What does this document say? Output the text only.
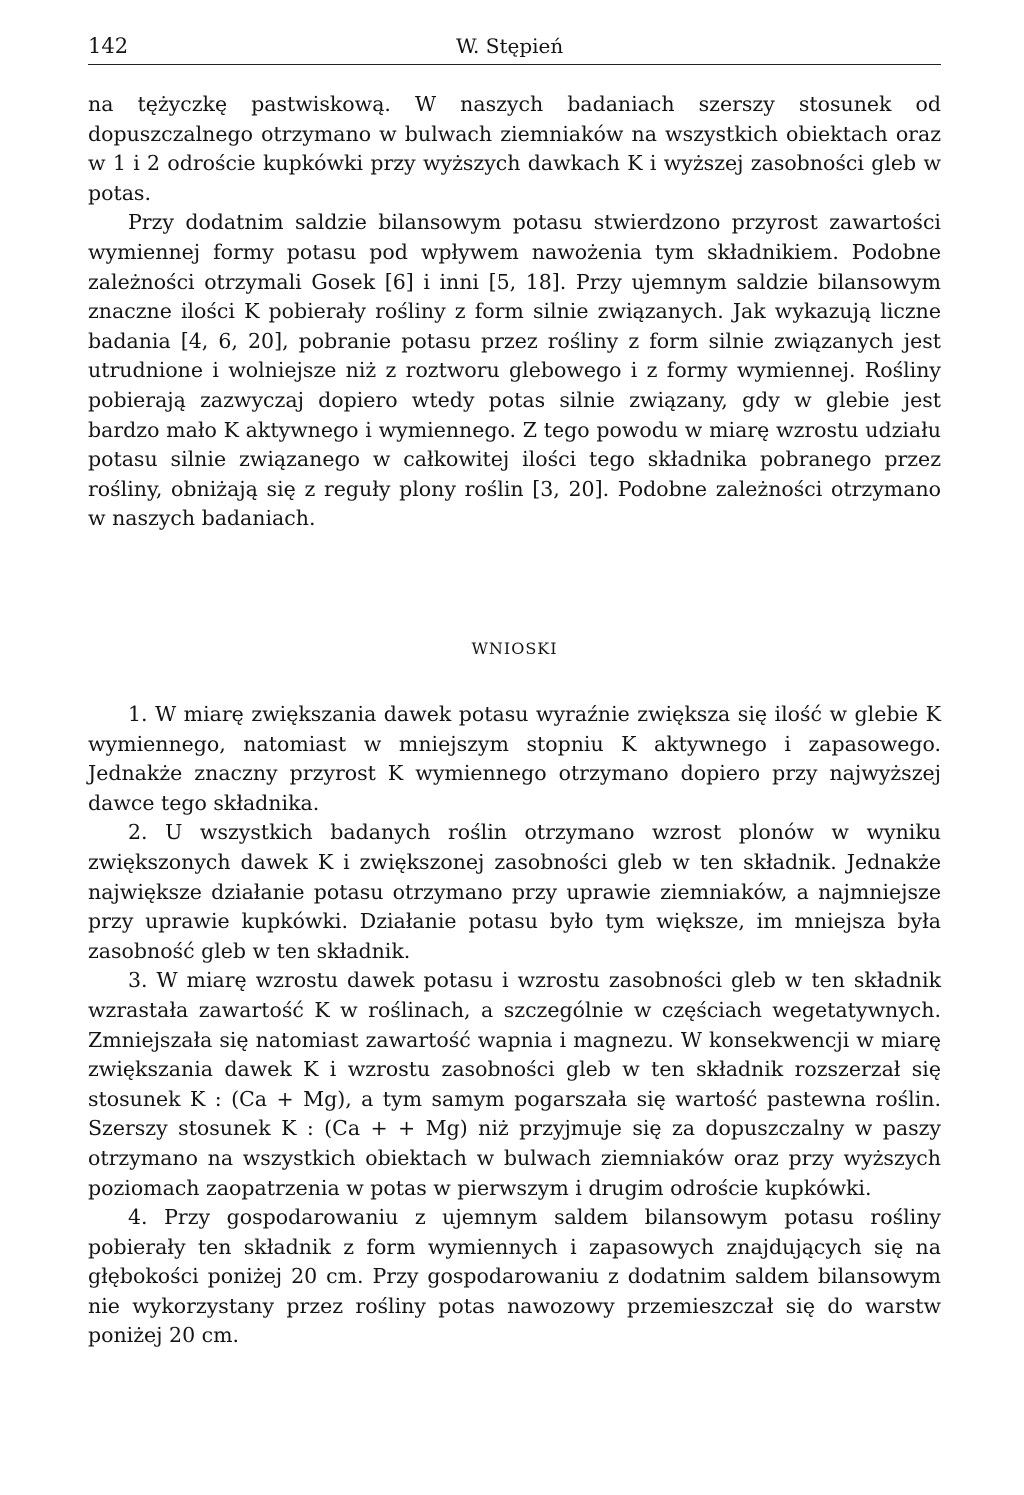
142	W. Stępień

na tężyczkę pastwiskową. W naszych badaniach szerszy stosunek od dopuszczalnego otrzymano w bulwach ziemniaków na wszystkich obiektach oraz w 1 i 2 odroście kupkówki przy wyższych dawkach K i wyższej zasobności gleb w potas.

Przy dodatnim saldzie bilansowym potasu stwierdzono przyrost zawartości wymiennej formy potasu pod wpływem nawożenia tym składnikiem. Podobne zależności otrzymali Gosek [6] i inni [5, 18]. Przy ujemnym saldzie bilansowym znaczne ilości K pobierały rośliny z form silnie związanych. Jak wykazują liczne badania [4, 6, 20], pobranie potasu przez rośliny z form silnie związanych jest utrudnione i wolniejsze niż z roztworu glebowego i z formy wymiennej. Rośliny pobierają zazwyczaj dopiero wtedy potas silnie związany, gdy w glebie jest bardzo mało K aktywnego i wymiennego. Z tego powodu w miarę wzrostu udziału potasu silnie związanego w całkowitej ilości tego składnika pobranego przez rośliny, obniżają się z reguły plony roślin [3, 20]. Podobne zależności otrzymano w naszych badaniach.

WNIOSKI

1. W miarę zwiększania dawek potasu wyraźnie zwiększa się ilość w glebie K wymiennego, natomiast w mniejszym stopniu K aktywnego i zapasowego. Jednakże znaczny przyrost K wymiennego otrzymano dopiero przy najwyższej dawce tego składnika.

2. U wszystkich badanych roślin otrzymano wzrost plonów w wyniku zwiększonych dawek K i zwiększonej zasobności gleb w ten składnik. Jednakże największe działanie potasu otrzymano przy uprawie ziemniaków, a najmniejsze przy uprawie kupkówki. Działanie potasu było tym większe, im mniejsza była zasobność gleb w ten składnik.

3. W miarę wzrostu dawek potasu i wzrostu zasobności gleb w ten składnik wzrastała zawartość K w roślinach, a szczególnie w częściach wegetatywnych. Zmniejszała się natomiast zawartość wapnia i magnezu. W konsekwencji w miarę zwiększania dawek K i wzrostu zasobności gleb w ten składnik rozszerzał się stosunek K : (Ca + Mg), a tym samym pogarszała się wartość pastewna roślin. Szerszy stosunek K : (Ca + + Mg) niż przyjmuje się za dopuszczalny w paszy otrzymano na wszystkich obiektach w bulwach ziemniaków oraz przy wyższych poziomach zaopatrzenia w potas w pierwszym i drugim odroście kupkówki.

4. Przy gospodarowaniu z ujemnym saldem bilansowym potasu rośliny pobierały ten składnik z form wymiennych i zapasowych znajdujących się na głębokości poniżej 20 cm. Przy gospodarowaniu z dodatnim saldem bilansowym nie wykorzystany przez rośliny potas nawozowy przemieszczał się do warstw poniżej 20 cm.
